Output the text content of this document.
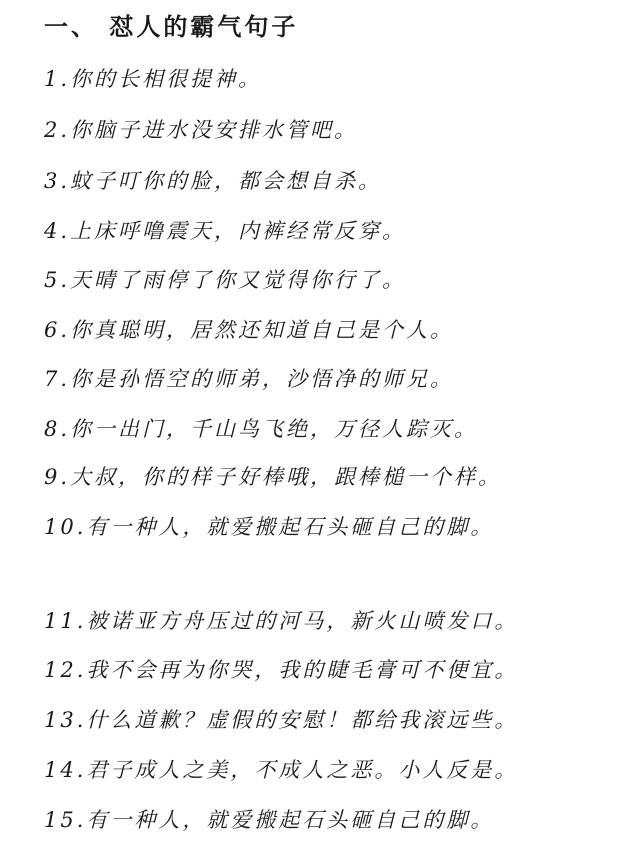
一、 怼人的霸气句子
1.你的长相很提神。
2.你脑子进水没安排水管吧。
3.蚊子叮你的脸，都会想自杀。
4.上床呼噜震天，内裤经常反穿。
5.天晴了雨停了你又觉得你行了。
6.你真聪明，居然还知道自己是个人。
7.你是孙悟空的师弟，沙悟净的师兄。
8.你一出门，千山鸟飞绝，万径人踪灭。
9.大叔，你的样子好棒哦，跟棒槌一个样。
10.有一种人，就爱搬起石头砸自己的脚。
11.被诺亚方舟压过的河马，新火山喷发口。
12.我不会再为你哭，我的睫毛膏可不便宜。
13.什么道歉？虚假的安慰！都给我滚远些。
14.君子成人之美，不成人之恶。小人反是。
15.有一种人，就爱搬起石头砸自己的脚。
